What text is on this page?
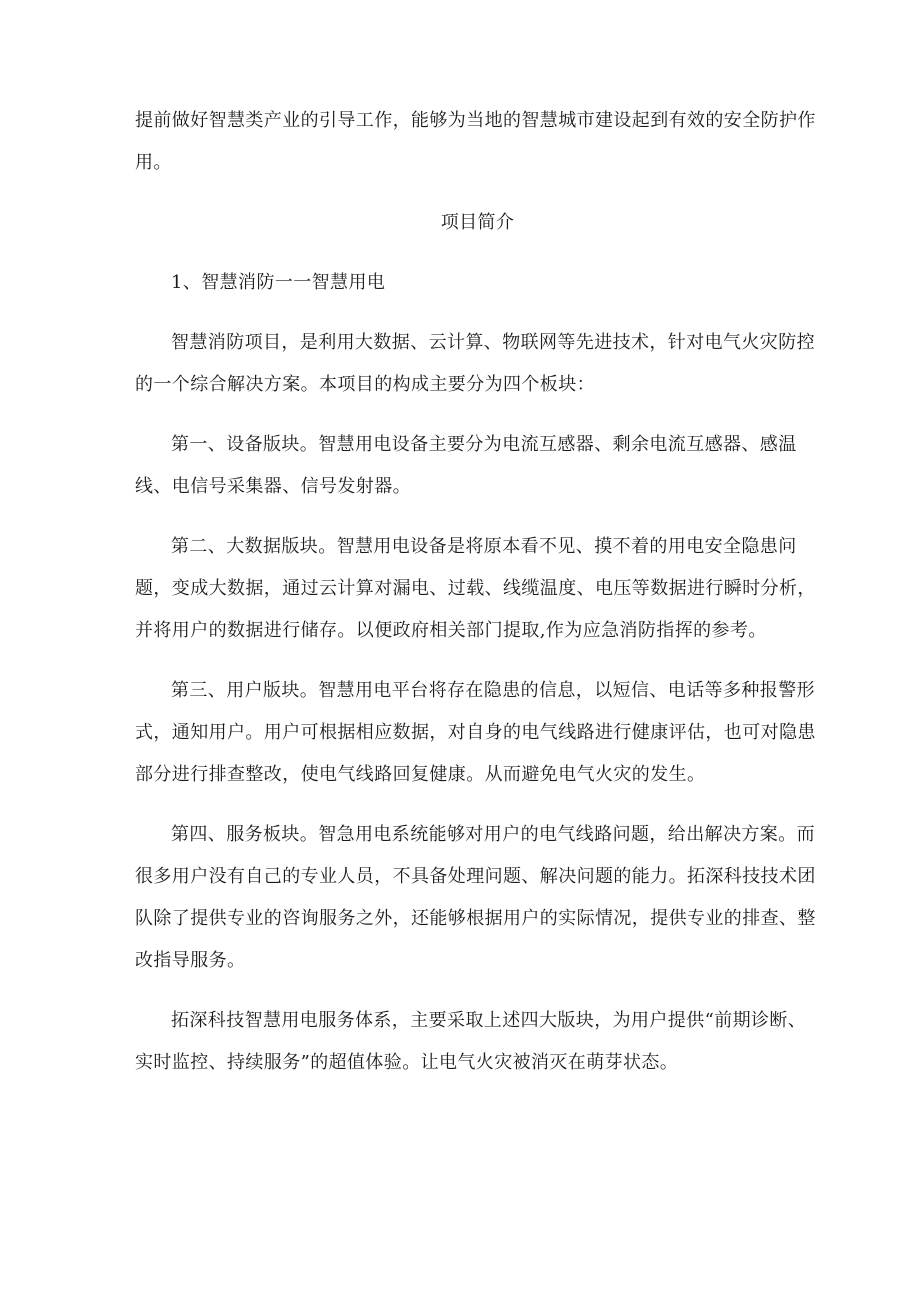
提前做好智慧类产业的引导工作，能够为当地的智慧城市建设起到有效的安全防护作用。

项目简介

1、智慧消防一一智慧用电

智慧消防项目，是利用大数据、云计算、物联网等先进技术，针对电气火灾防控的一个综合解决方案。本项目的构成主要分为四个板块：

第一、设备版块。智慧用电设备主要分为电流互感器、剩余电流互感器、感温线、电信号采集器、信号发射器。

第二、大数据版块。智慧用电设备是将原本看不见、摸不着的用电安全隐患问题，变成大数据，通过云计算对漏电、过载、线缆温度、电压等数据进行瞬时分析，并将用户的数据进行储存。以便政府相关部门提取,作为应急消防指挥的参考。

第三、用户版块。智慧用电平台将存在隐患的信息，以短信、电话等多种报警形式，通知用户。用户可根据相应数据，对自身的电气线路进行健康评估，也可对隐患部分进行排查整改，使电气线路回复健康。从而避免电气火灾的发生。

第四、服务板块。智急用电系统能够对用户的电气线路问题，给出解决方案。而很多用户没有自己的专业人员，不具备处理问题、解决问题的能力。拓深科技技术团队除了提供专业的咨询服务之外，还能够根据用户的实际情况，提供专业的排查、整改指导服务。

拓深科技智慧用电服务体系，主要采取上述四大版块，为用户提供“前期诊断、实时监控、持续服务”的超值体验。让电气火灾被消灭在萌芽状态。
